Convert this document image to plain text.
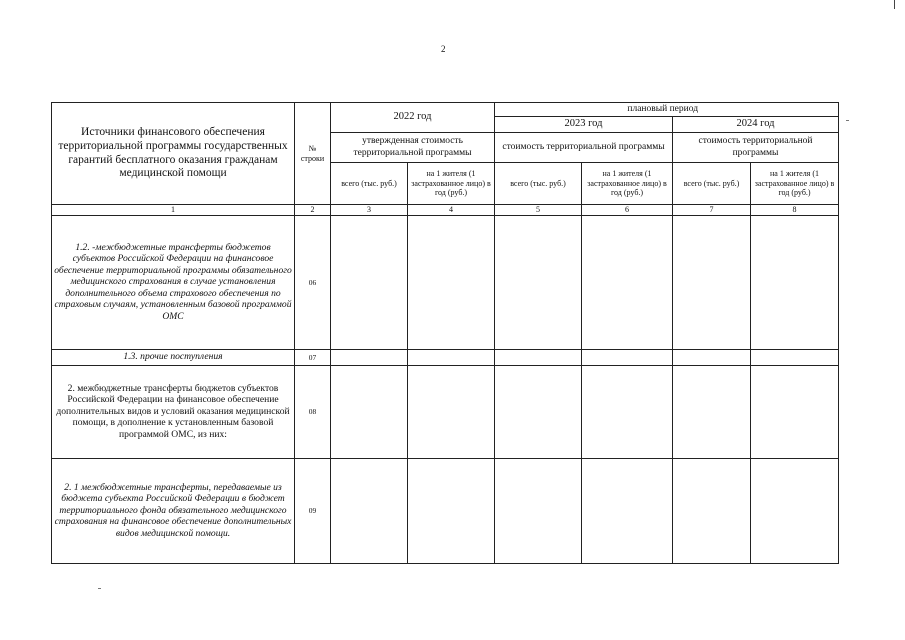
2
Источники финансового обеспечения территориальной программы государственных гарантий бесплатного оказания гражданам медицинской помощи	№ строки	2022 год		плановый период			
				2023 год		2024 год	
		утвержденная стоимость территориальной программы		стоимость территориальной программы		стоимость территориальной программы	
		всего (тыс. руб.)	на 1 жителя (1 застрахованное лицо) в год (руб.)	всего (тыс. руб.)	на 1 жителя (1 застрахованное лицо) в год (руб.)	всего (тыс. руб.)	на 1 жителя (1 застрахованное лицо) в год (руб.)
1	2	3	4	5	6	7	8
1.2. -межбюджетные трансферты бюджетов субъектов Российской Федерации на финансовое обеспечение территориальной программы обязательного медицинского страхования в случае установления дополнительного объема страхового обеспечения по страховым случаям, установленным базовой программой ОМС	06						
1.3. прочие поступления	07						
2. межбюджетные трансферты бюджетов субъектов Российской Федерации на финансовое обеспечение дополнительных видов и условий оказания медицинской помощи, в дополнение к установленным базовой программой ОМС, из них:	08						
2. 1 межбюджетные трансферты, передаваемые из бюджета субъекта Российской Федерации в бюджет территориального фонда обязательного медицинского страхования на финансовое обеспечение дополнительных видов медицинской помощи.	09						
